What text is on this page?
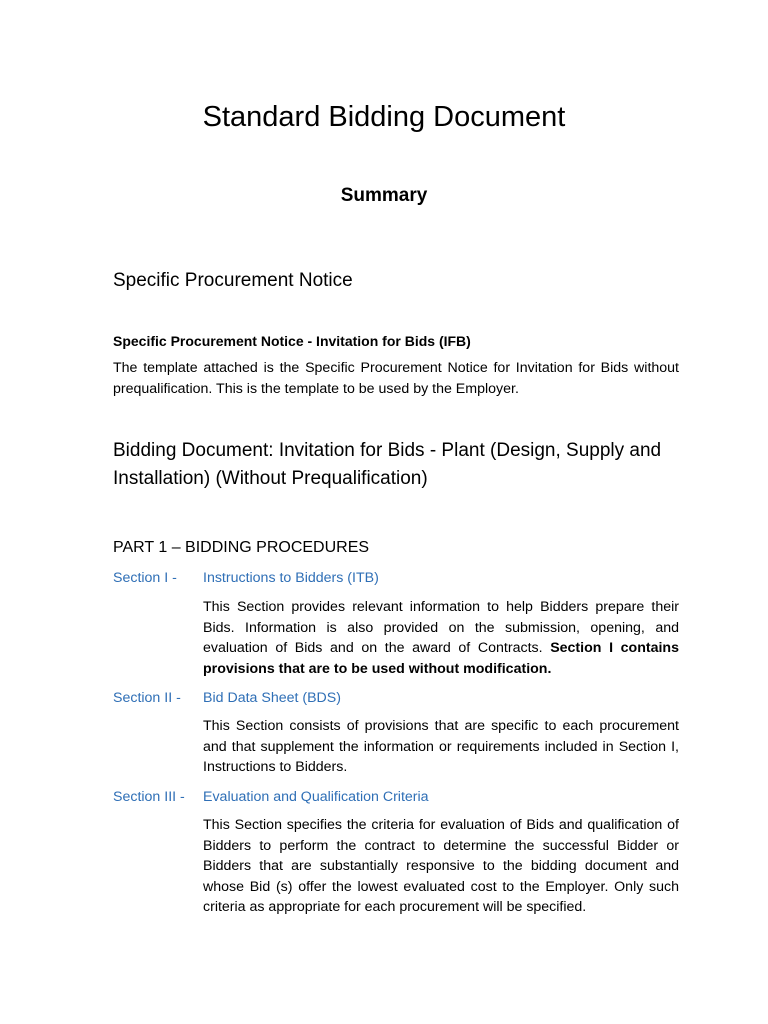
Standard Bidding Document
Summary
Specific Procurement Notice
Specific Procurement Notice - Invitation for Bids (IFB)

The template attached is the Specific Procurement Notice for Invitation for Bids without prequalification. This is the template to be used by the Employer.

Bidding Document: Invitation for Bids - Plant (Design, Supply and Installation) (Without Prequalification)
PART 1 – BIDDING PROCEDURES
Section I - Instructions to Bidders (ITB)

This Section provides relevant information to help Bidders prepare their Bids. Information is also provided on the submission, opening, and evaluation of Bids and on the award of Contracts. Section I contains provisions that are to be used without modification.

Section II - Bid Data Sheet (BDS)

This Section consists of provisions that are specific to each procurement and that supplement the information or requirements included in Section I, Instructions to Bidders.

Section III - Evaluation and Qualification Criteria

This Section specifies the criteria for evaluation of Bids and qualification of Bidders to perform the contract to determine the successful Bidder or Bidders that are substantially responsive to the bidding document and whose Bid (s) offer the lowest evaluated cost to the Employer. Only such criteria as appropriate for each procurement will be specified.
